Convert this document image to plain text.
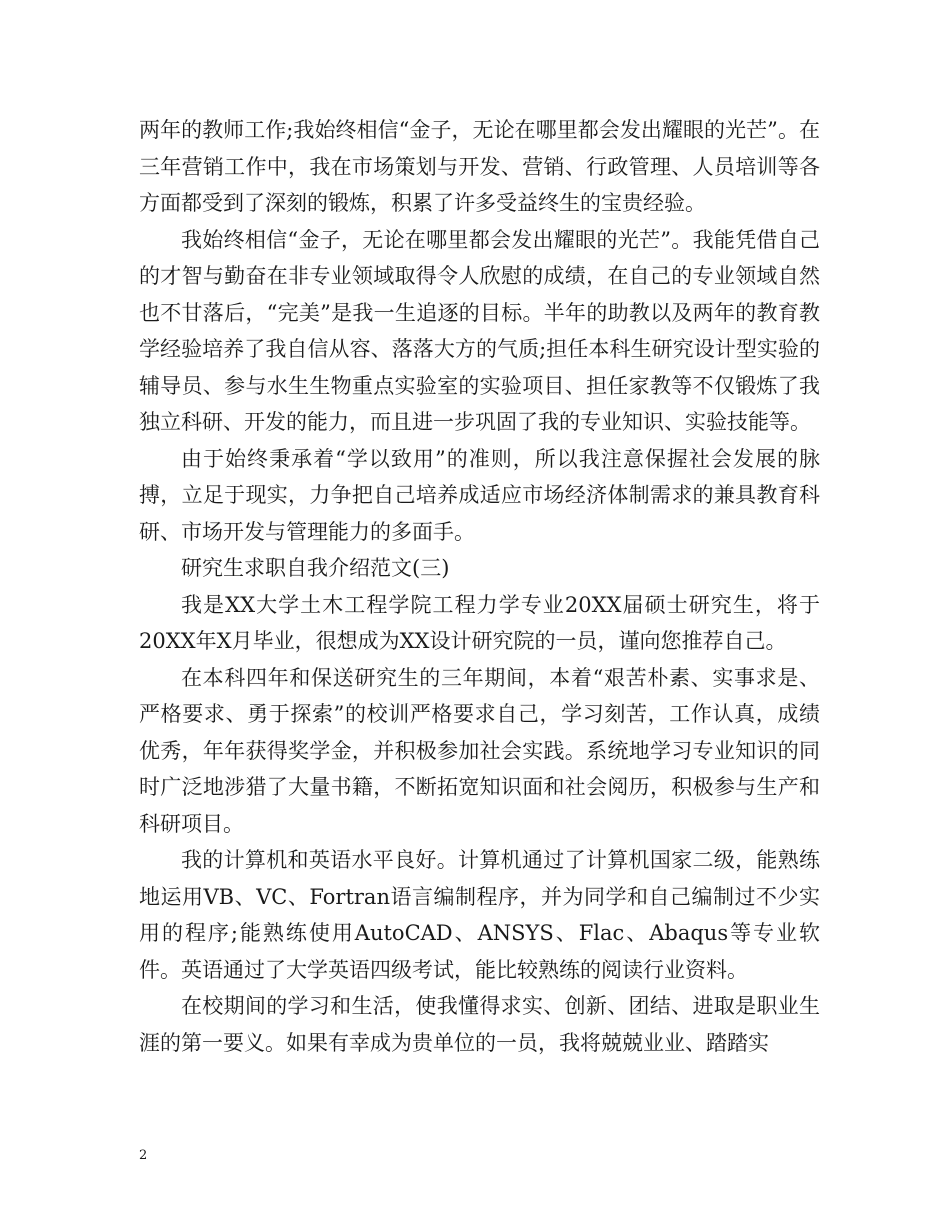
两年的教师工作;我始终相信“金子，无论在哪里都会发出耀眼的光芒”。在三年营销工作中，我在市场策划与开发、营销、行政管理、人员培训等各方面都受到了深刻的锻炼，积累了许多受益终生的宝贵经验。

我始终相信“金子，无论在哪里都会发出耀眼的光芒”。我能凭借自己的才智与勤奋在非专业领域取得令人欣慰的成绩，在自己的专业领域自然也不甘落后，“完美”是我一生追逐的目标。半年的助教以及两年的教育教学经验培养了我自信从容、落落大方的气质;担任本科生研究设计型实验的辅导员、参与水生生物重点实验室的实验项目、担任家教等不仅锻炼了我独立科研、开发的能力，而且进一步巩固了我的专业知识、实验技能等。

由于始终秉承着“学以致用”的准则，所以我注意保握社会发展的脉搏，立足于现实，力争把自己培养成适应市场经济体制需求的兼具教育科研、市场开发与管理能力的多面手。

研究生求职自我介绍范文(三)

我是XX大学土木工程学院工程力学专业20XX届硕士研究生，将于20XX年X月毕业，很想成为XX设计研究院的一员，谨向您推荐自己。

在本科四年和保送研究生的三年期间，本着“艰苦朴素、实事求是、严格要求、勇于探索”的校训严格要求自己，学习刻苦，工作认真，成绩优秀，年年获得奖学金，并积极参加社会实践。系统地学习专业知识的同时广泛地涉猎了大量书籍，不断拓宽知识面和社会阅历，积极参与生产和科研项目。

我的计算机和英语水平良好。计算机通过了计算机国家二级，能熟练地运用VB、VC、Fortran语言编制程序，并为同学和自己编制过不少实用的程序;能熟练使用AutoCAD、ANSYS、Flac、Abaqus等专业软件。英语通过了大学英语四级考试，能比较熟练的阅读行业资料。

在校期间的学习和生活，使我懂得求实、创新、团结、进取是职业生涯的第一要义。如果有幸成为贵单位的一员，我将兢兢业业、踏踏实

2
